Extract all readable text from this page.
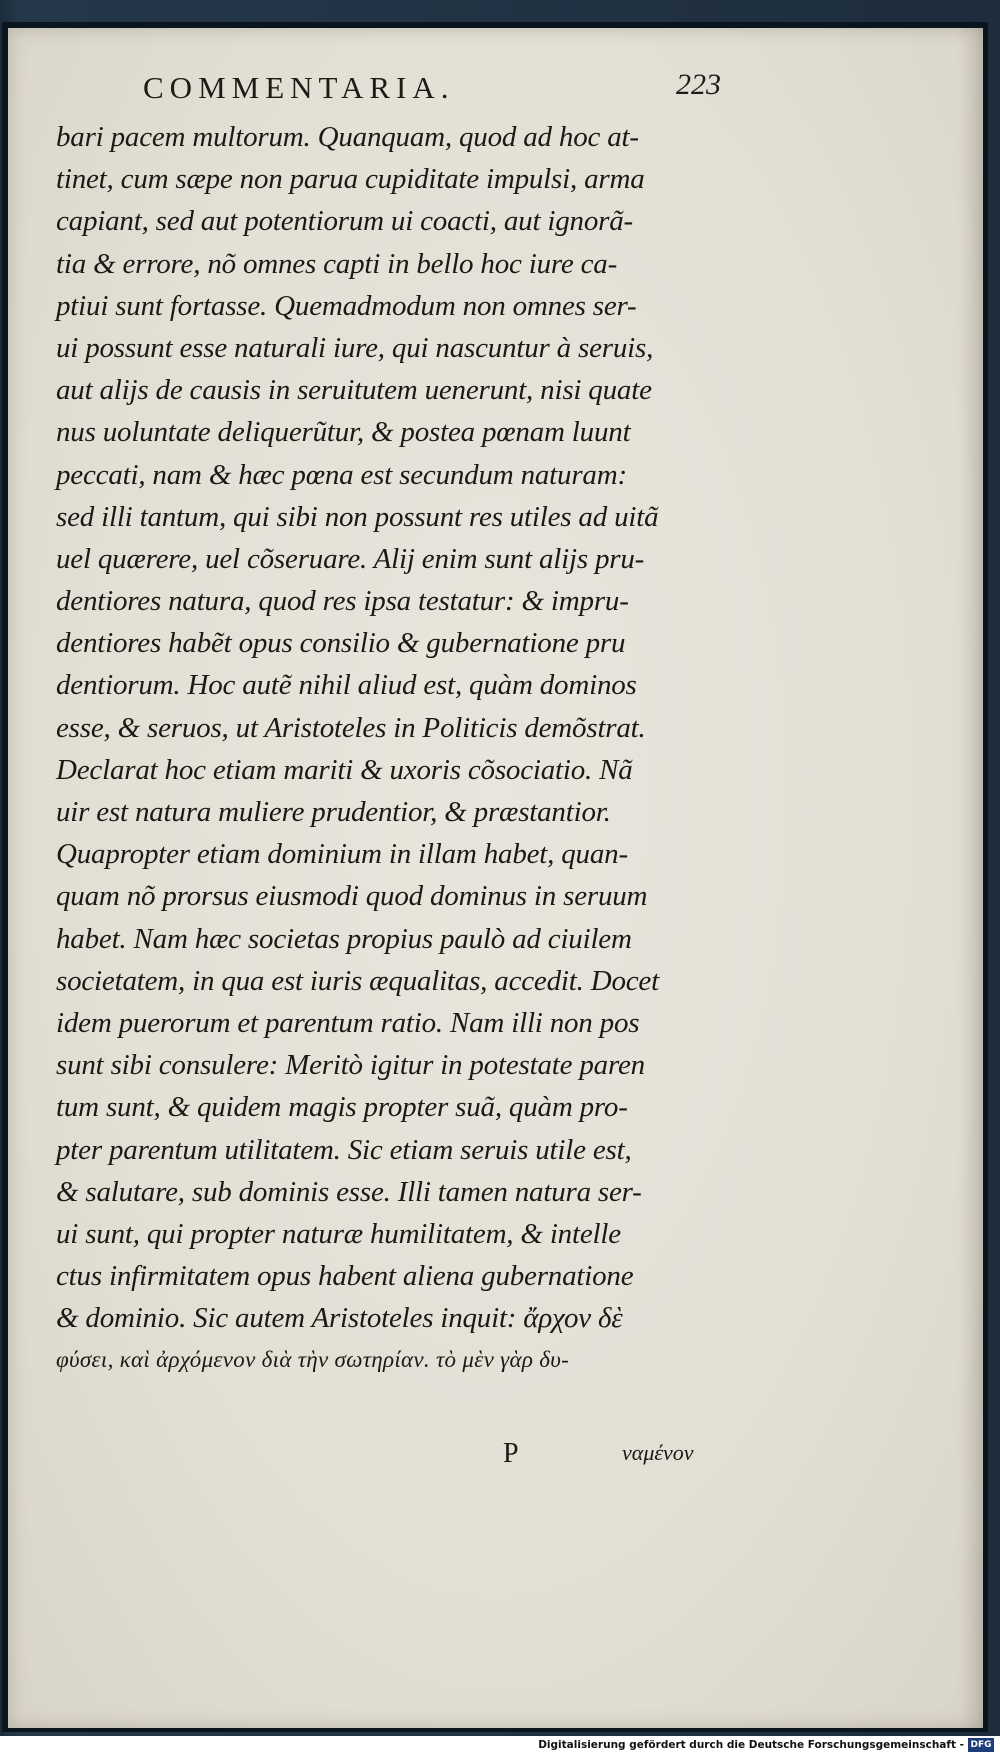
COMMENTARIA.	223
bari pacem multorum. Quanquam, quod ad hoc at-
tinet, cum sæpe non parua cupiditate impulsi, arma
capiant, sed aut potentiorum ui coacti, aut ignorã-
tia & errore, nõ omnes capti in bello hoc iure ca-
ptiui sunt fortasse. Quemadmodum non omnes ser-
ui possunt esse naturali iure, qui nascuntur à seruis,
aut alijs de causis in seruitutem uenerunt, nisi quate
nus uoluntate deliquerũtur, & postea pœnam luunt
peccati, nam & hæc pœna est secundum naturam:
sed illi tantum, qui sibi non possunt res utiles ad uitã
uel quærere, uel cõseruare. Alij enim sunt alijs pru-
dentiores natura, quod res ipsa testatur: & impru-
dentiores habẽt opus consilio & gubernatione pru
dentiorum. Hoc autẽ nihil aliud est, quàm dominos
esse, & seruos, ut Aristoteles in Politicis demõstrat.
Declarat hoc etiam mariti & uxoris cõsociatio. Nã
uir est natura muliere prudentior, & præstantior.
Quapropter etiam dominium in illam habet, quan-
quam nõ prorsus eiusmodi quod dominus in seruum
habet. Nam hæc societas propius paulò ad ciuilem
societatem, in qua est iuris æqualitas, accedit. Docet
idem puerorum et parentum ratio. Nam illi non pos
sunt sibi consulere: Meritò igitur in potestate paren
tum sunt, & quidem magis propter suã, quàm pro-
pter parentum utilitatem. Sic etiam seruis utile est,
& salutare, sub dominis esse. Illi tamen natura ser-
ui sunt, qui propter naturæ humilitatem, & intelle
ctus infirmitatem opus habent aliena gubernatione
& dominio. Sic autem Aristoteles inquit: ἄρχον δὲ
φύσει, καὶ ἀρχόμενον διὰ τὴν σωτηρίαν. τὸ μὲν γὰρ δυ-
P	ναμένον
Digitalisierung gefördert durch die Deutsche Forschungsgemeinschaft - DFG
